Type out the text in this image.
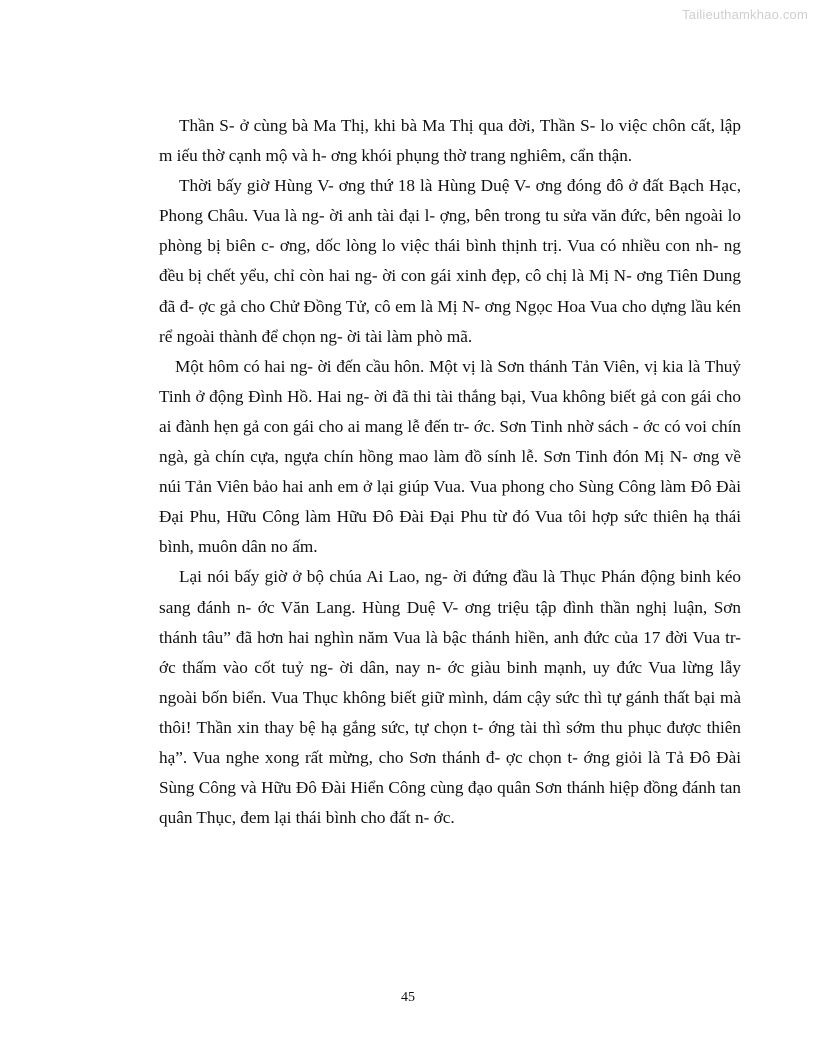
Tailieuthamkhao.com

Thần S- ở cùng bà Ma Thị, khi bà Ma Thị qua đời, Thần S- lo việc chôn cất, lập m iếu thờ cạnh mộ và h- ơng khói phụng thờ trang nghiêm, cẩn thận.

Thời bấy giờ Hùng V- ơng thứ 18 là Hùng Duệ V- ơng đóng đô ở đất Bạch Hạc, Phong Châu. Vua là ng- ời anh tài đại l- ợng, bên trong tu sửa văn đức, bên ngoài lo phòng bị biên c- ơng, dốc lòng lo việc thái bình thịnh trị. Vua có nhiều con nh- ng đều bị chết yểu, chỉ còn hai ng- ời con gái xinh đẹp, cô chị là Mị N- ơng Tiên Dung đã đ- ợc gả cho Chử Đồng Tử, cô em là Mị N- ơng Ngọc Hoa Vua cho dựng lầu kén rể ngoài thành để chọn ng- ời tài làm phò mã.

Một hôm có hai ng- ời đến cầu hôn. Một vị là Sơn thánh Tản Viên, vị kia là Thuỷ Tinh ở động Đình Hồ. Hai ng- ời đã thi tài thắng bại, Vua không biết gả con gái cho ai đành hẹn gả con gái cho ai mang lễ đến tr- ớc. Sơn Tinh nhờ sách - ớc có voi chín ngà, gà chín cựa, ngựa chín hồng mao làm đồ sính lễ. Sơn Tinh đón Mị N- ơng về núi Tản Viên bảo hai anh em ở lại giúp Vua. Vua phong cho Sùng Công làm Đô Đài Đại Phu, Hữu Công làm Hữu Đô Đài Đại Phu từ đó Vua tôi hợp sức thiên hạ thái bình, muôn dân no ấm.

Lại nói bấy giờ ở bộ chúa Ai Lao, ng- ời đứng đầu là Thục Phán động binh kéo sang đánh n- ớc Văn Lang. Hùng Duệ V- ơng triệu tập đình thần nghị luận, Sơn thánh tâu” đã hơn hai nghìn năm Vua là bậc thánh hiền, anh đức của 17 đời Vua tr- ớc thấm vào cốt tuỷ ng- ời dân, nay n- ớc giàu binh mạnh, uy đức Vua lừng lẫy ngoài bốn biển. Vua Thục không biết giữ mình, dám cậy sức thì tự gánh thất bại mà thôi! Thần xin thay bệ hạ gắng sức, tự chọn t- ớng tài thì sớm thu phục được thiên hạ”. Vua nghe xong rất mừng, cho Sơn thánh đ- ợc chọn t- ớng giỏi là Tả Đô Đài Sùng Công và Hữu Đô Đài Hiển Công cùng đạo quân Sơn thánh hiệp đồng đánh tan quân Thục, đem lại thái bình cho đất n- ớc.

45
